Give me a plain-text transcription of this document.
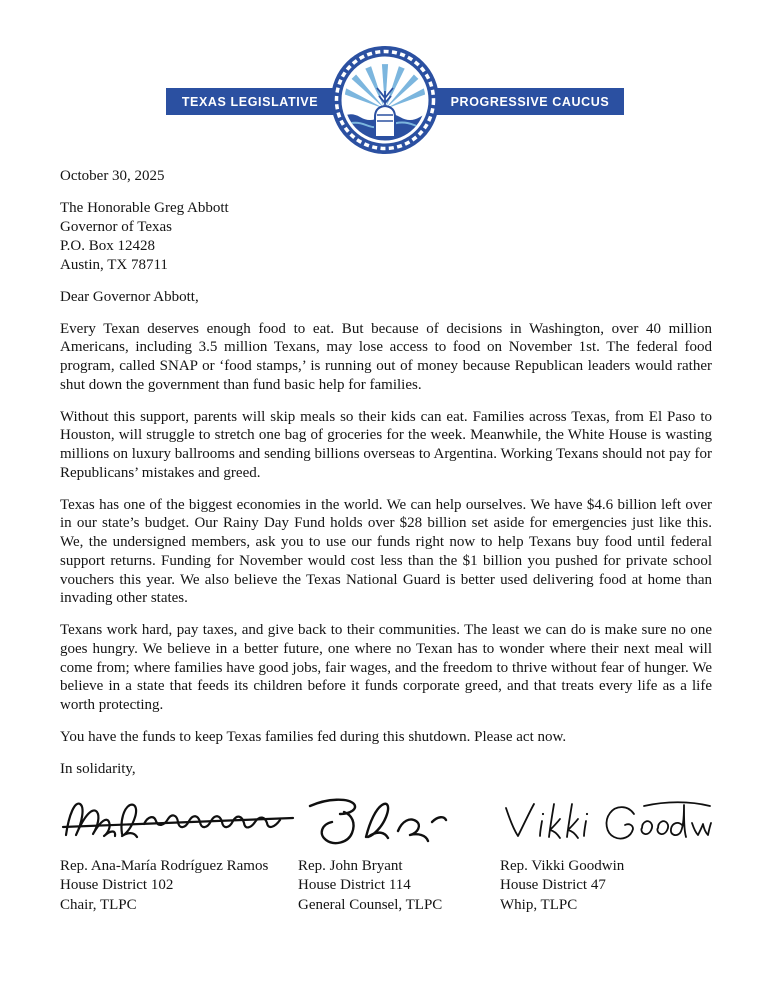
TEXAS LEGISLATIVE	PROGRESSIVE CAUCUS

October 30, 2025

The Honorable Greg Abbott
Governor of Texas
P.O. Box 12428
Austin, TX 78711

Dear Governor Abbott,

Every Texan deserves enough food to eat. But because of decisions in Washington, over 40 million Americans, including 3.5 million Texans, may lose access to food on November 1st. The federal food program, called SNAP or ‘food stamps,’ is running out of money because Republican leaders would rather shut down the government than fund basic help for families.

Without this support, parents will skip meals so their kids can eat. Families across Texas, from El Paso to Houston, will struggle to stretch one bag of groceries for the week. Meanwhile, the White House is wasting millions on luxury ballrooms and sending billions overseas to Argentina. Working Texans should not pay for Republicans’ mistakes and greed.

Texas has one of the biggest economies in the world. We can help ourselves. We have $4.6 billion left over in our state’s budget. Our Rainy Day Fund holds over $28 billion set aside for emergencies just like this. We, the undersigned members, ask you to use our funds right now to help Texans buy food until federal support returns. Funding for November would cost less than the $1 billion you pushed for private school vouchers this year. We also believe the Texas National Guard is better used delivering food at home than invading other states.

Texans work hard, pay taxes, and give back to their communities. The least we can do is make sure no one goes hungry. We believe in a better future, one where no Texan has to wonder where their next meal will come from; where families have good jobs, fair wages, and the freedom to thrive without fear of hunger. We believe in a state that feeds its children before it funds corporate greed, and that treats every life as a life worth protecting.

You have the funds to keep Texas families fed during this shutdown. Please act now.

In solidarity,

Rep. Ana-María Rodríguez Ramos
House District 102
Chair, TLPC
Rep. John Bryant
House District 114
General Counsel, TLPC
Rep. Vikki Goodwin
House District 47
Whip, TLPC
